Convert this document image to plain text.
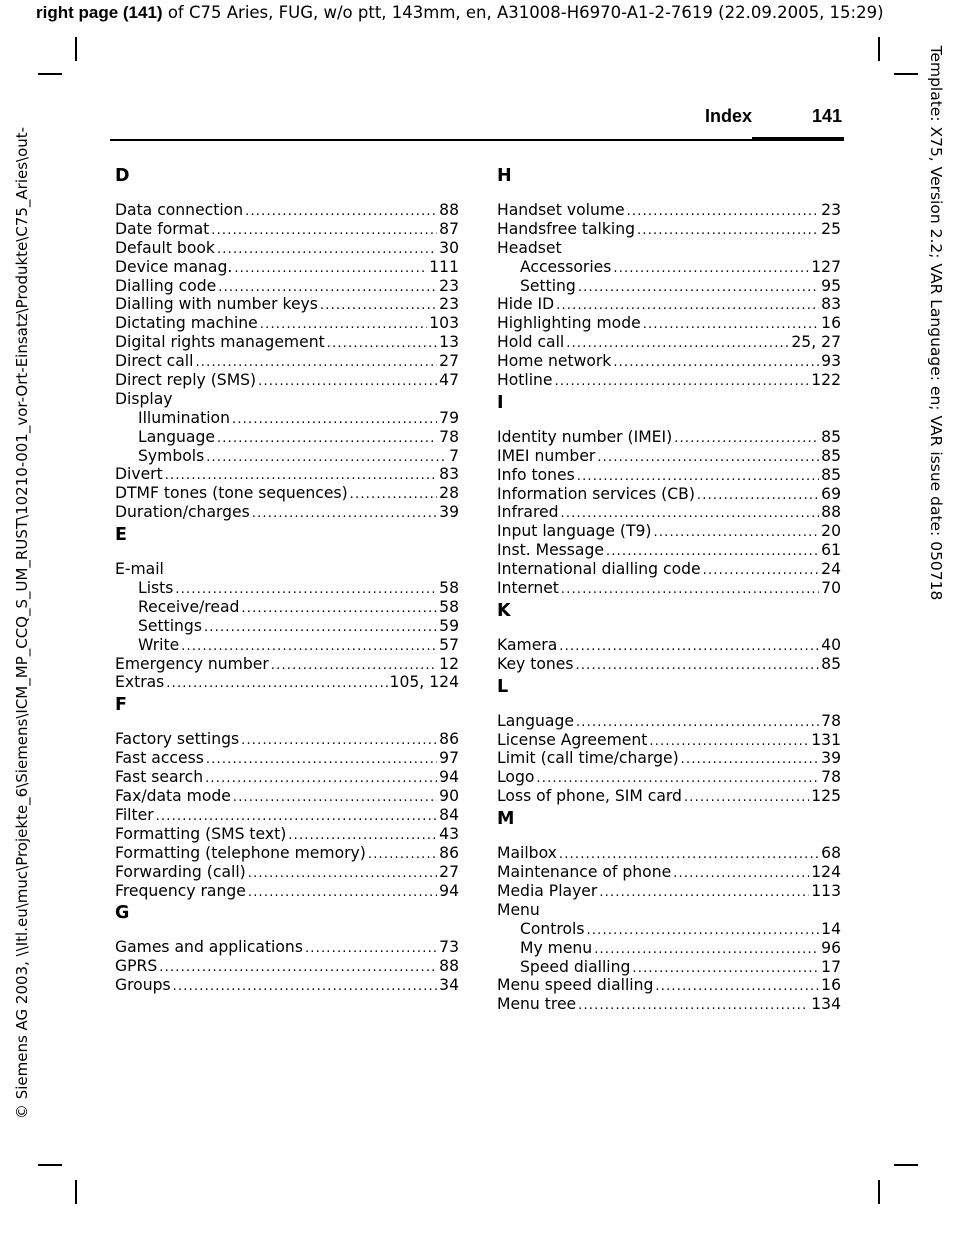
right page (141) of C75 Aries, FUG, w/o ptt, 143mm, en, A31008-H6970-A1-2-7619 (22.09.2005, 15:29)
© Siemens AG 2003, \\Itl.eu\muc\Projekte_6\Siemens\ICM_MP_CCQ_S_UM_RUST\10210-001_vor-Ort-Einsatz\Produkte\C75_Aries\out-	Template: X75, Version 2.2; VAR Language: en; VAR issue date: 050718
Index	141
D
Data connection .....	88
Date format .....	87
Default book .....	30
Device manag. .....	111
Dialling code .....	23
Dialling with number keys .....	23
Dictating machine .....	103
Digital rights management .....	13
Direct call .....	27
Direct reply (SMS) .....	47
Display
Illumination .....	79
Language .....	78
Symbols .....	7
Divert .....	83
DTMF tones (tone sequences) .....	28
Duration/charges .....	39
E
E-mail
Lists .....	58
Receive/read .....	58
Settings .....	59
Write .....	57
Emergency number .....	12
Extras .....	105, 124
F
Factory settings .....	86
Fast access .....	97
Fast search .....	94
Fax/data mode .....	90
Filter .....	84
Formatting (SMS text) .....	43
Formatting (telephone memory) .....	86
Forwarding (call) .....	27
Frequency range .....	94
G
Games and applications .....	73
GPRS .....	88
Groups .....	34
H
Handset volume .....	23
Handsfree talking .....	25
Headset
Accessories .....	127
Setting .....	95
Hide ID .....	83
Highlighting mode .....	16
Hold call .....	25, 27
Home network .....	93
Hotline .....	122
I
Identity number (IMEI) .....	85
IMEI number .....	85
Info tones .....	85
Information services (CB) .....	69
Infrared .....	88
Input language (T9) .....	20
Inst. Message .....	61
International dialling code .....	24
Internet .....	70
K
Kamera .....	40
Key tones .....	85
L
Language .....	78
License Agreement .....	131
Limit (call time/charge) .....	39
Logo .....	78
Loss of phone, SIM card .....	125
M
Mailbox .....	68
Maintenance of phone .....	124
Media Player .....	113
Menu
Controls .....	14
My menu .....	96
Speed dialling .....	17
Menu speed dialling .....	16
Menu tree .....	134
